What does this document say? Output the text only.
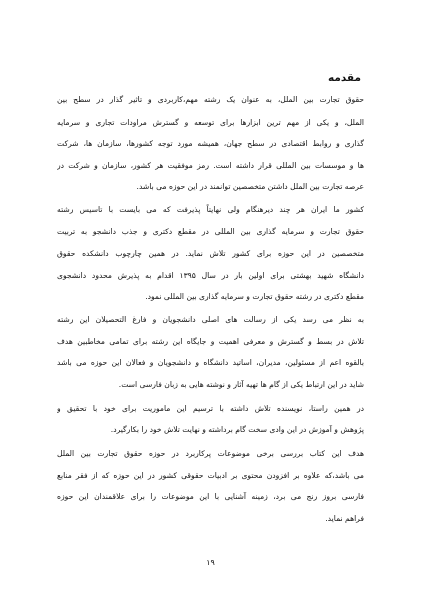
مقدمه

حقوق تجارت بین الملل، به عنوان یک رشته مهم،کاربردی و تاثیر گذار در سطح بین

الملل، و یکی از مهم ترین ابزارها برای توسعه و گسترش مراودات تجاری و سرمایه

گذاری و روابط اقتصادی در سطح جهان، همیشه مورد توجه کشورها، سازمان ها، شرکت

ها و موسسات بین المللی قرار داشته است. رمز موفقیت هر کشور، سازمان و شرکت در

عرصه تجارت بین الملل داشتن متخصصین توانمند در این حوزه می باشد.

کشور ما ایران هر چند دیرهنگام ولی نهایتاً پذیرفت که می بایست با تاسیس رشته

حقوق تجارت و سرمایه گذاری بین المللی در مقطع دکتری و جذب دانشجو به تربیت

متخصصین در این حوزه برای کشور تلاش نماید. در همین چارچوب دانشکده حقوق

دانشگاه شهید بهشتی برای اولین بار در سال ۱۳۹۵ اقدام به پذیرش محدود دانشجوی

مقطع دکتری در رشته حقوق تجارت و سرمایه گذاری بین المللی نمود.

به نظر می رسد یکی از رسالت های اصلی دانشجویان و فارغ التحصیلان این رشته

تلاش در بسط و گسترش و معرفی اهمیت و جایگاه این رشته برای تمامی مخاطبین هدف

بالقوه اعم از مسئولین، مدیران، اساتید دانشگاه و دانشجویان و فعالان این حوزه می باشد

شاید در این ارتباط یکی از گام ها تهیه آثار و نوشته هایی به زبان فارسی است.

در همین راستا، نویسنده تلاش داشته با ترسیم این ماموریت برای خود با تحقیق و

پژوهش و آموزش در این وادی سخت گام برداشته و نهایت تلاش خود را بکارگیرد.

هدف این کتاب بررسی برخی موضوعات پرکاربرد در حوزه حقوق تجارت بین الملل

می باشد،که علاوه بر افزودن محتوی بر ادبیات حقوقی کشور در این حوزه که از فقر منابع

فارسی بروز رنج می برد، زمینه آشنایی با این موضوعات را برای علاقمندان این حوزه

فراهم نماید.

۱۹
